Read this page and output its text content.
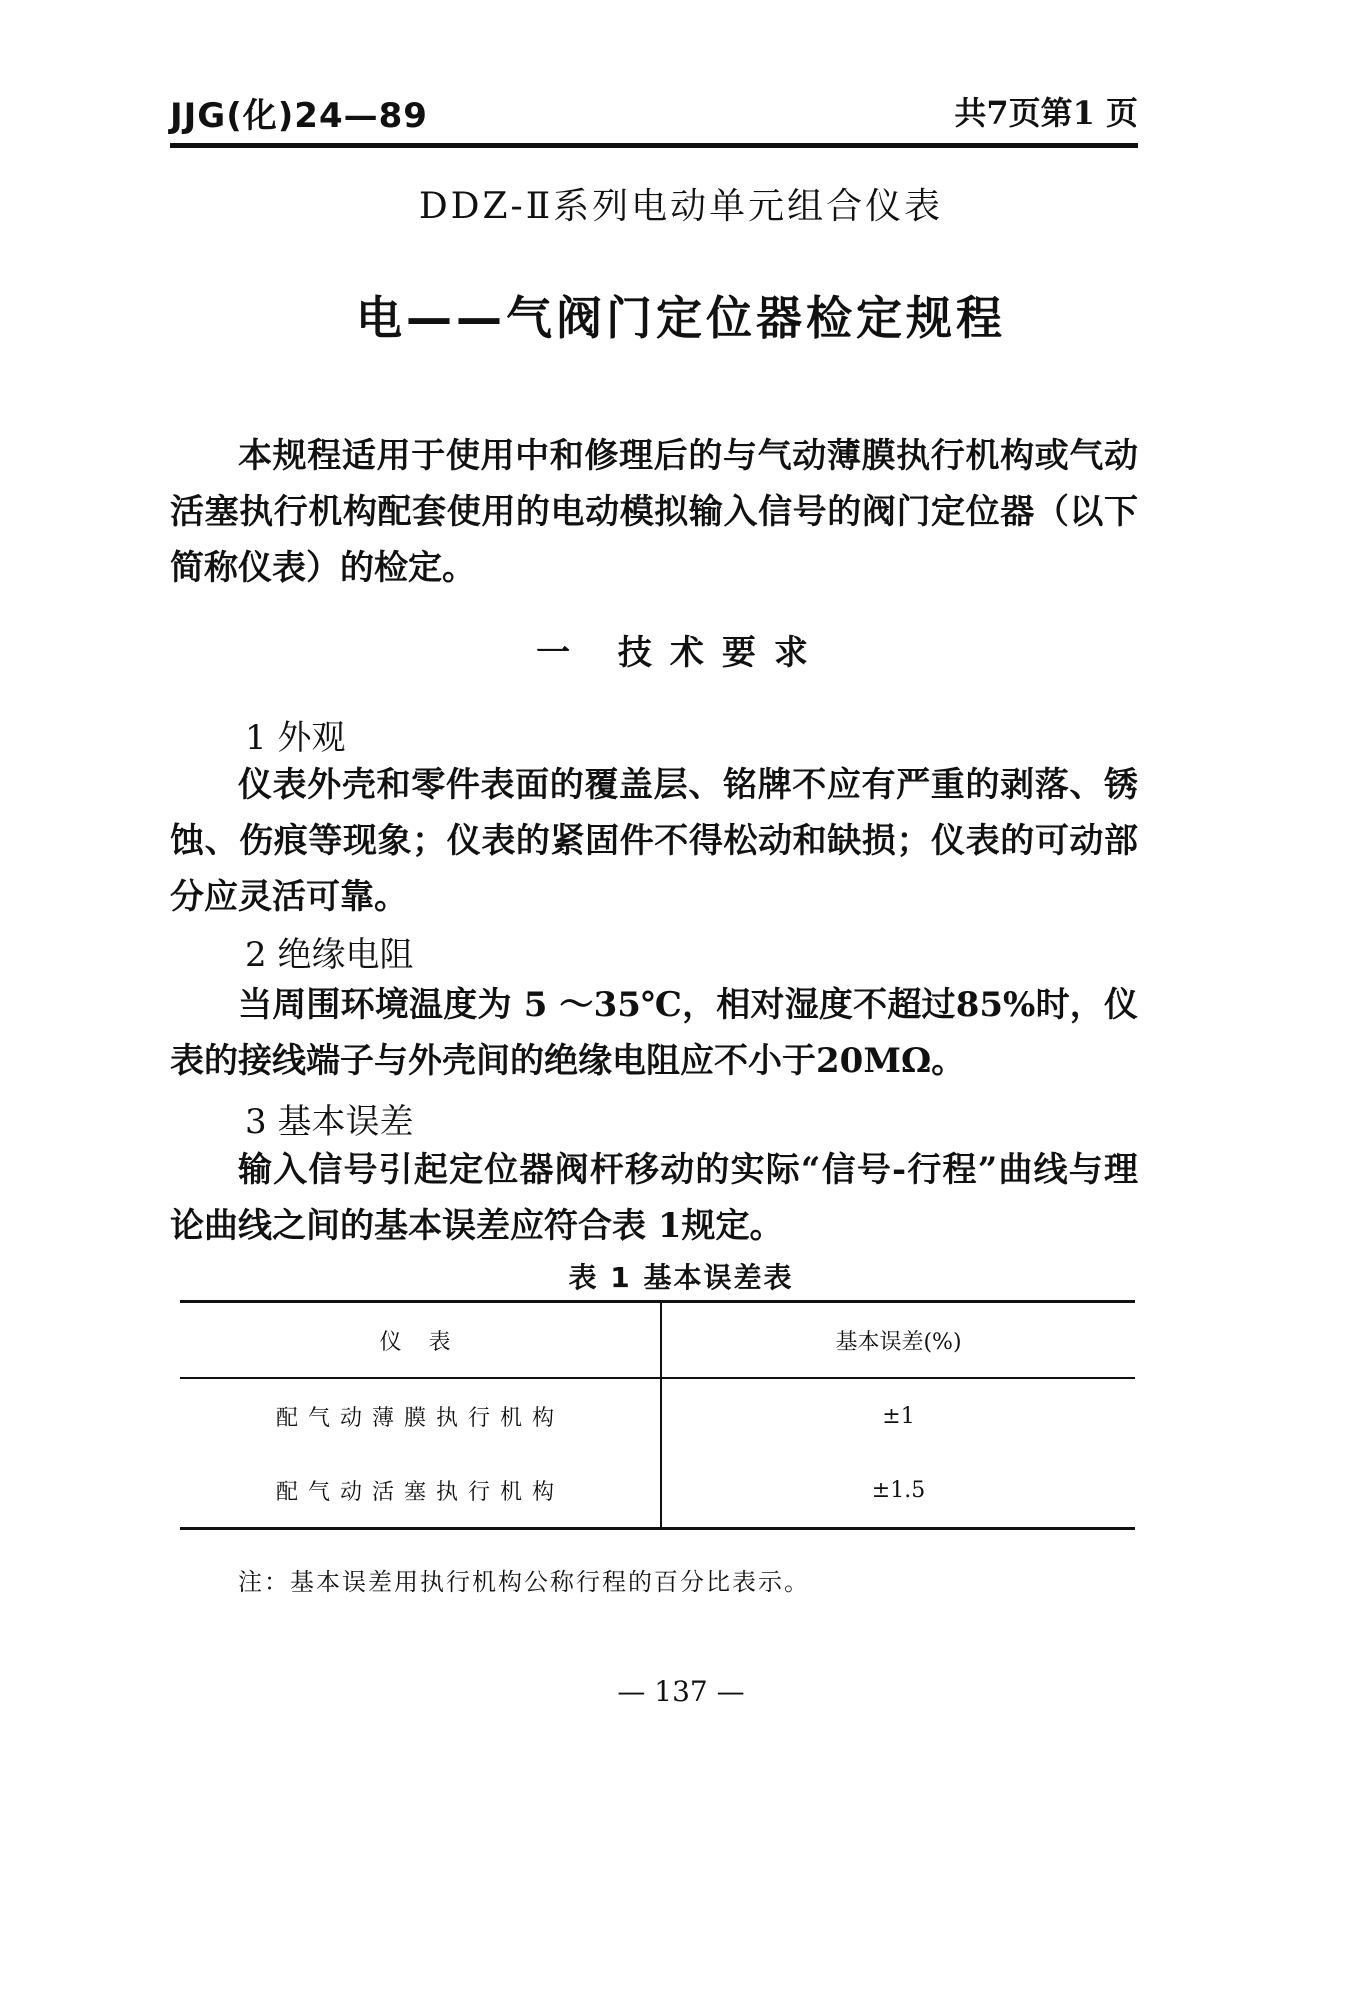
JJG(化)24—89	共7页第1 页
DDZ-Ⅱ系列电动单元组合仪表
电——气阀门定位器检定规程
本规程适用于使用中和修理后的与气动薄膜执行机构或气动活塞执行机构配套使用的电动模拟输入信号的阀门定位器（以下简称仪表）的检定。
一 技术要求
1 外观
仪表外壳和零件表面的覆盖层、铭牌不应有严重的剥落、锈蚀、伤痕等现象；仪表的紧固件不得松动和缺损；仪表的可动部分应灵活可靠。
2 绝缘电阻
当周围环境温度为 5 ～35℃，相对湿度不超过85%时，仪表的接线端子与外壳间的绝缘电阻应不小于20MΩ。
3 基本误差
输入信号引起定位器阀杆移动的实际“信号-行程”曲线与理论曲线之间的基本误差应符合表 1规定。
表 1 基本误差表
仪 表	基本误差(%)
配气动薄膜执行机构	±1
配气动活塞执行机构	±1.5
注：基本误差用执行机构公称行程的百分比表示。
— 137 —
